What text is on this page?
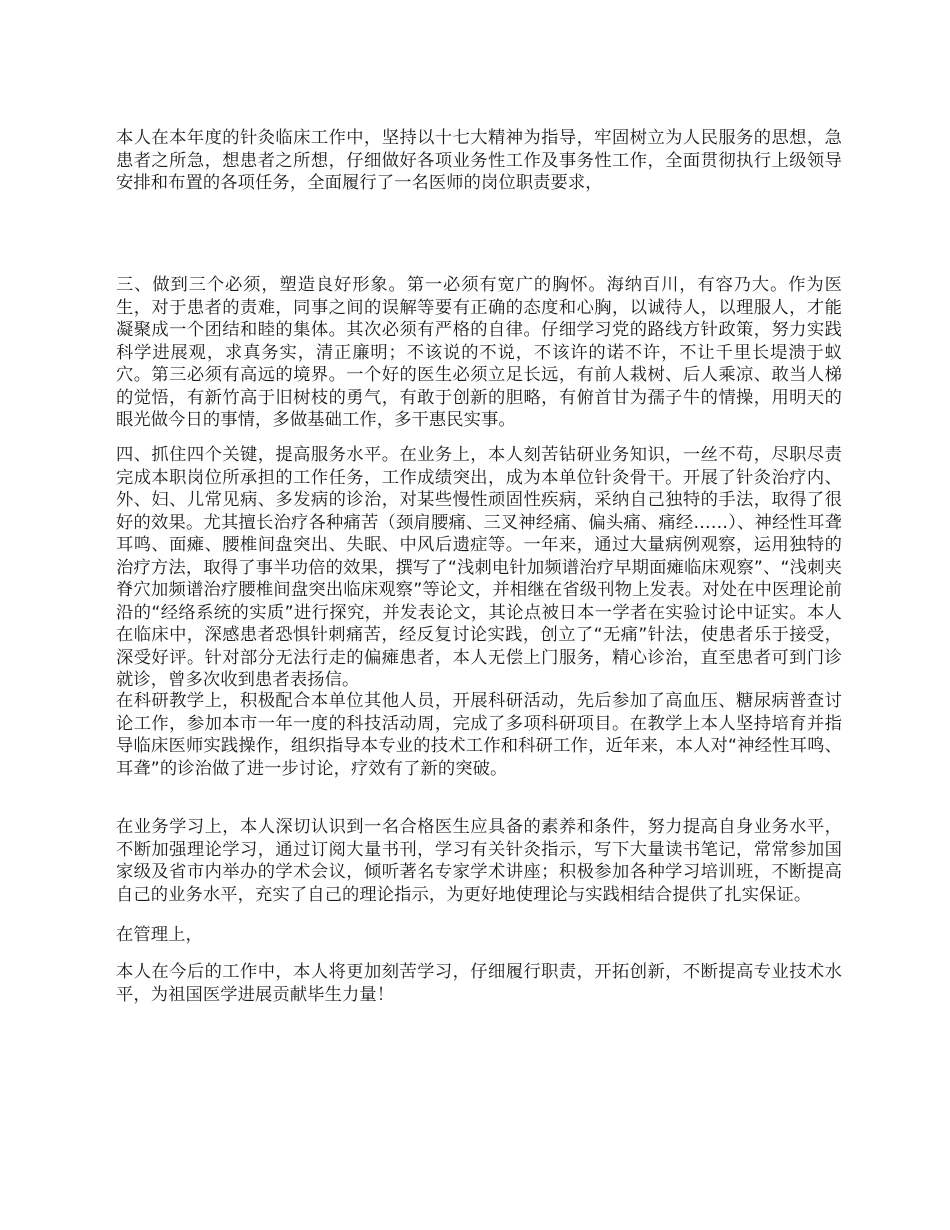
本人在本年度的针灸临床工作中，坚持以十七大精神为指导，牢固树立为人民服务的思想，急患者之所急，想患者之所想，仔细做好各项业务性工作及事务性工作，全面贯彻执行上级领导安排和布置的各项任务，全面履行了一名医师的岗位职责要求，

三、做到三个必须，塑造良好形象。第一必须有宽广的胸怀。海纳百川，有容乃大。作为医生，对于患者的责难，同事之间的误解等要有正确的态度和心胸，以诚待人，以理服人，才能凝聚成一个团结和睦的集体。其次必须有严格的自律。仔细学习党的路线方针政策，努力实践科学进展观，求真务实，清正廉明；不该说的不说，不该许的诺不许，不让千里长堤溃于蚁穴。第三必须有高远的境界。一个好的医生必须立足长远，有前人栽树、后人乘凉、敢当人梯的觉悟，有新竹高于旧树枝的勇气，有敢于创新的胆略，有俯首甘为孺子牛的情操，用明天的眼光做今日的事情，多做基础工作，多干惠民实事。

四、抓住四个关键，提高服务水平。在业务上，本人刻苦钻研业务知识，一丝不苟，尽职尽责完成本职岗位所承担的工作任务，工作成绩突出，成为本单位针灸骨干。开展了针灸治疗内、外、妇、儿常见病、多发病的诊治，对某些慢性顽固性疾病，采纳自己独特的手法，取得了很好的效果。尤其擅长治疗各种痛苦（颈肩腰痛、三叉神经痛、偏头痛、痛经……）、神经性耳聋耳鸣、面瘫、腰椎间盘突出、失眠、中风后遗症等。一年来，通过大量病例观察，运用独特的治疗方法，取得了事半功倍的效果，撰写了“浅刺电针加频谱治疗早期面瘫临床观察”、“浅刺夹脊穴加频谱治疗腰椎间盘突出临床观察”等论文，并相继在省级刊物上发表。对处在中医理论前沿的“经络系统的实质”进行探究，并发表论文，其论点被日本一学者在实验讨论中证实。本人在临床中，深感患者恐惧针刺痛苦，经反复讨论实践，创立了“无痛”针法，使患者乐于接受，深受好评。针对部分无法行走的偏瘫患者，本人无偿上门服务，精心诊治，直至患者可到门诊就诊，曾多次收到患者表扬信。

在科研教学上，积极配合本单位其他人员，开展科研活动，先后参加了高血压、糖尿病普查讨论工作，参加本市一年一度的科技活动周，完成了多项科研项目。在教学上本人坚持培育并指导临床医师实践操作，组织指导本专业的技术工作和科研工作，近年来，本人对“神经性耳鸣、耳聋”的诊治做了进一步讨论，疗效有了新的突破。

在业务学习上，本人深切认识到一名合格医生应具备的素养和条件，努力提高自身业务水平，不断加强理论学习，通过订阅大量书刊，学习有关针灸指示，写下大量读书笔记，常常参加国家级及省市内举办的学术会议，倾听著名专家学术讲座；积极参加各种学习培训班，不断提高自己的业务水平，充实了自己的理论指示，为更好地使理论与实践相结合提供了扎实保证。

在管理上，

本人在今后的工作中，本人将更加刻苦学习，仔细履行职责，开拓创新，不断提高专业技术水平，为祖国医学进展贡献毕生力量！
